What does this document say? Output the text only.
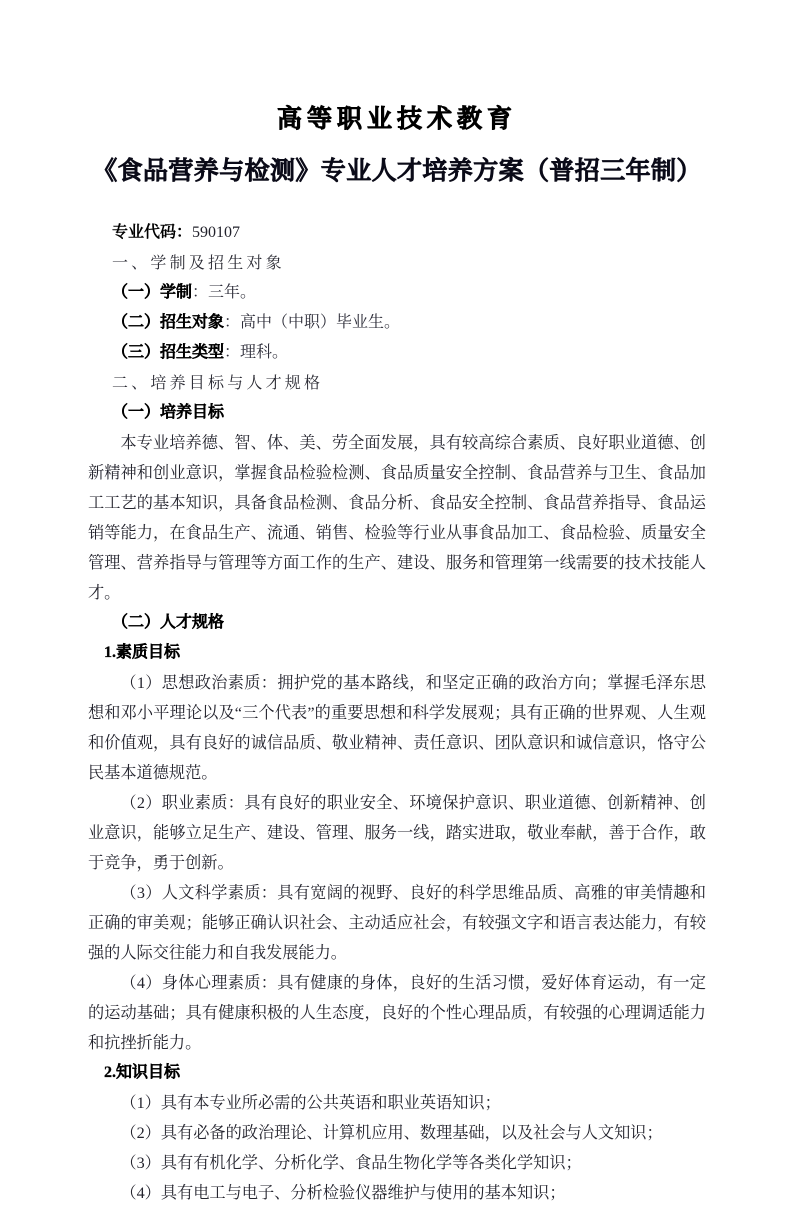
高等职业技术教育
《食品营养与检测》专业人才培养方案（普招三年制）

专业代码：590107

一、学制及招生对象

（一）学制：三年。

（二）招生对象：高中（中职）毕业生。

（三）招生类型：理科。

二、培养目标与人才规格

（一）培养目标

本专业培养德、智、体、美、劳全面发展，具有较高综合素质、良好职业道德、创新精神和创业意识，掌握食品检验检测、食品质量安全控制、食品营养与卫生、食品加工工艺的基本知识，具备食品检测、食品分析、食品安全控制、食品营养指导、食品运销等能力，在食品生产、流通、销售、检验等行业从事食品加工、食品检验、质量安全管理、营养指导与管理等方面工作的生产、建设、服务和管理第一线需要的技术技能人才。

（二）人才规格

1.素质目标

（1）思想政治素质：拥护党的基本路线，和坚定正确的政治方向；掌握毛泽东思想和邓小平理论以及“三个代表”的重要思想和科学发展观；具有正确的世界观、人生观和价值观，具有良好的诚信品质、敬业精神、责任意识、团队意识和诚信意识，恪守公民基本道德规范。

（2）职业素质：具有良好的职业安全、环境保护意识、职业道德、创新精神、创业意识，能够立足生产、建设、管理、服务一线，踏实进取，敬业奉献，善于合作，敢于竞争，勇于创新。

（3）人文科学素质：具有宽阔的视野、良好的科学思维品质、高雅的审美情趣和正确的审美观；能够正确认识社会、主动适应社会，有较强文字和语言表达能力，有较强的人际交往能力和自我发展能力。

（4）身体心理素质：具有健康的身体，良好的生活习惯，爱好体育运动，有一定的运动基础；具有健康积极的人生态度，良好的个性心理品质，有较强的心理调适能力和抗挫折能力。

2.知识目标

（1）具有本专业所必需的公共英语和职业英语知识；

（2）具有必备的政治理论、计算机应用、数理基础，以及社会与人文知识；

（3）具有有机化学、分析化学、食品生物化学等各类化学知识；

（4）具有电工与电子、分析检验仪器维护与使用的基本知识；
